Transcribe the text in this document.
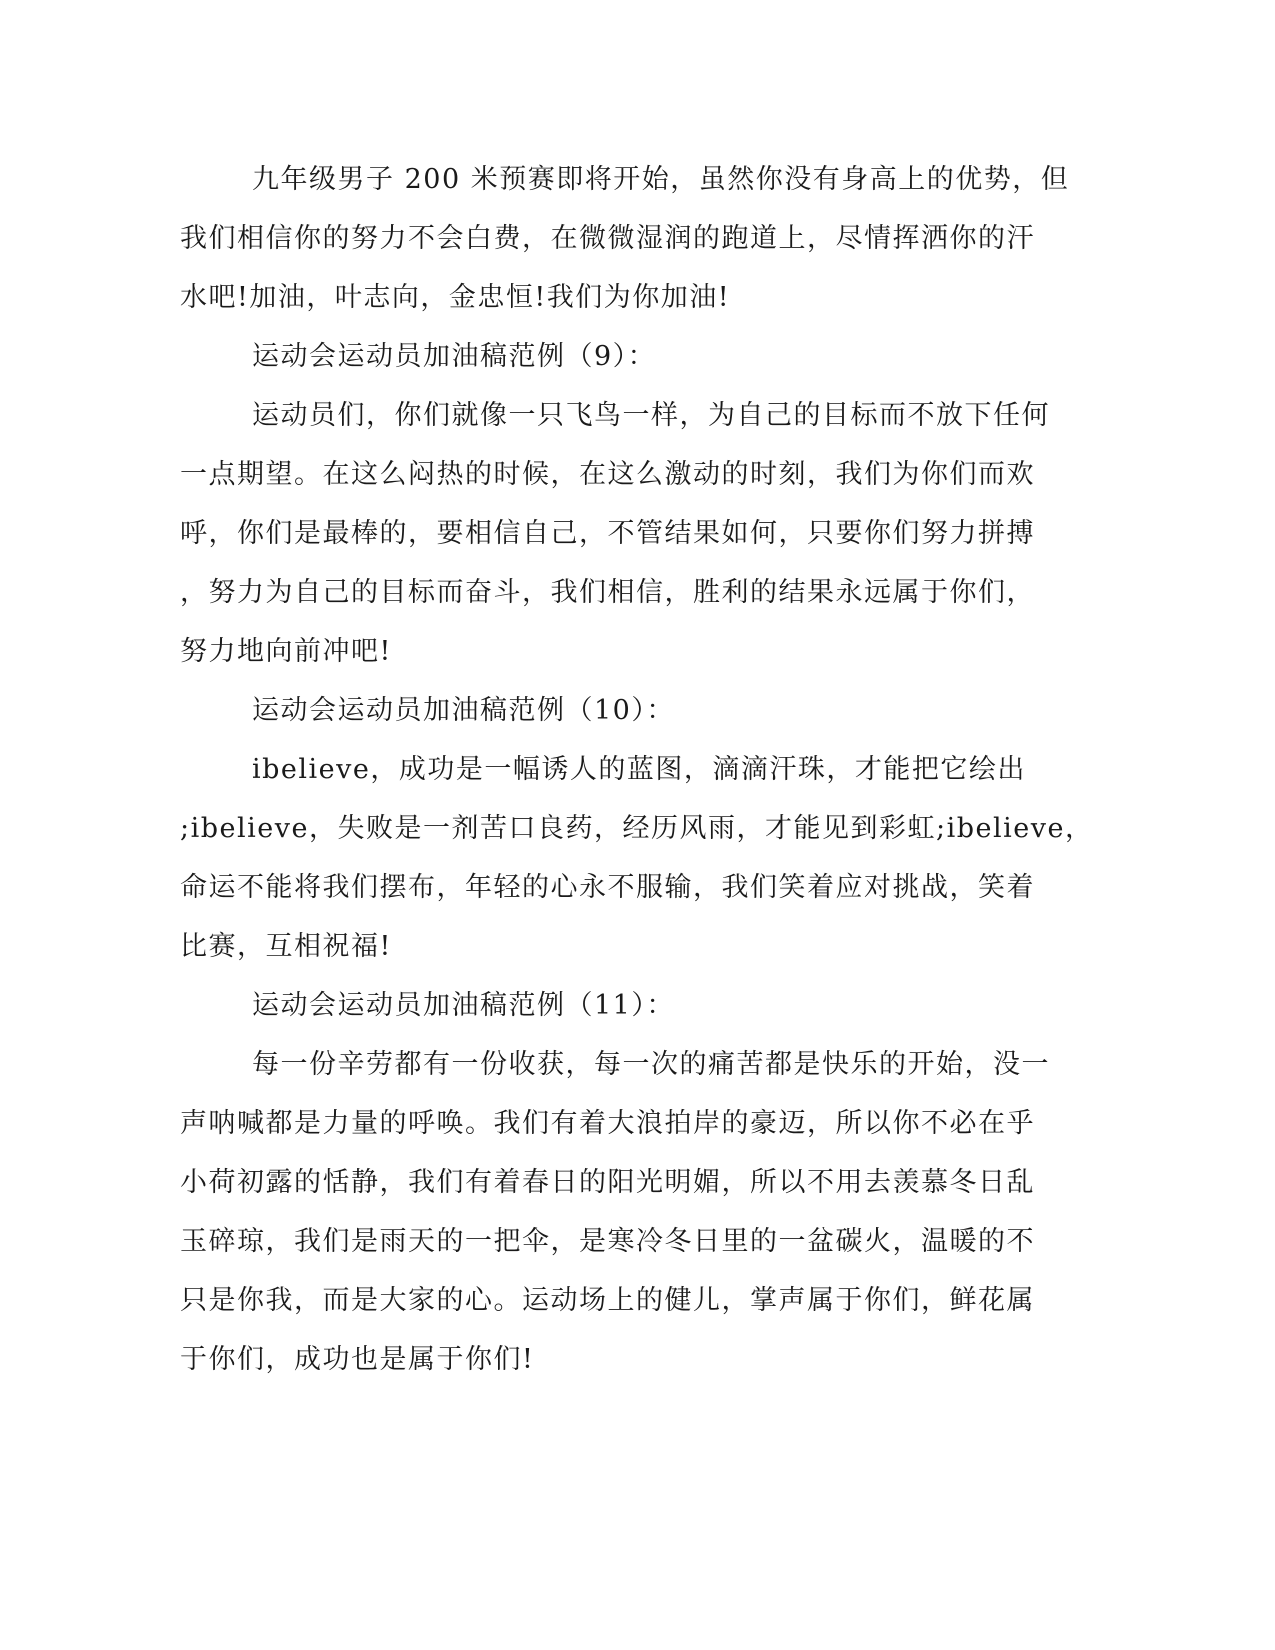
九年级男子 200 米预赛即将开始，虽然你没有身高上的优势，但
我们相信你的努力不会白费，在微微湿润的跑道上，尽情挥洒你的汗
水吧!加油，叶志向，金忠恒!我们为你加油!
运动会运动员加油稿范例（9）：
运动员们，你们就像一只飞鸟一样，为自己的目标而不放下任何
一点期望。在这么闷热的时候，在这么激动的时刻，我们为你们而欢
呼，你们是最棒的，要相信自己，不管结果如何，只要你们努力拼搏
，努力为自己的目标而奋斗，我们相信，胜利的结果永远属于你们，
努力地向前冲吧!
运动会运动员加油稿范例（10）：
ibelieve，成功是一幅诱人的蓝图，滴滴汗珠，才能把它绘出
;ibelieve，失败是一剂苦口良药，经历风雨，才能见到彩虹;ibelieve，
命运不能将我们摆布，年轻的心永不服输，我们笑着应对挑战，笑着
比赛，互相祝福!
运动会运动员加油稿范例（11）：
每一份辛劳都有一份收获，每一次的痛苦都是快乐的开始，没一
声呐喊都是力量的呼唤。我们有着大浪拍岸的豪迈，所以你不必在乎
小荷初露的恬静，我们有着春日的阳光明媚，所以不用去羡慕冬日乱
玉碎琼，我们是雨天的一把伞，是寒冷冬日里的一盆碳火，温暖的不
只是你我，而是大家的心。运动场上的健儿，掌声属于你们，鲜花属
于你们，成功也是属于你们!
